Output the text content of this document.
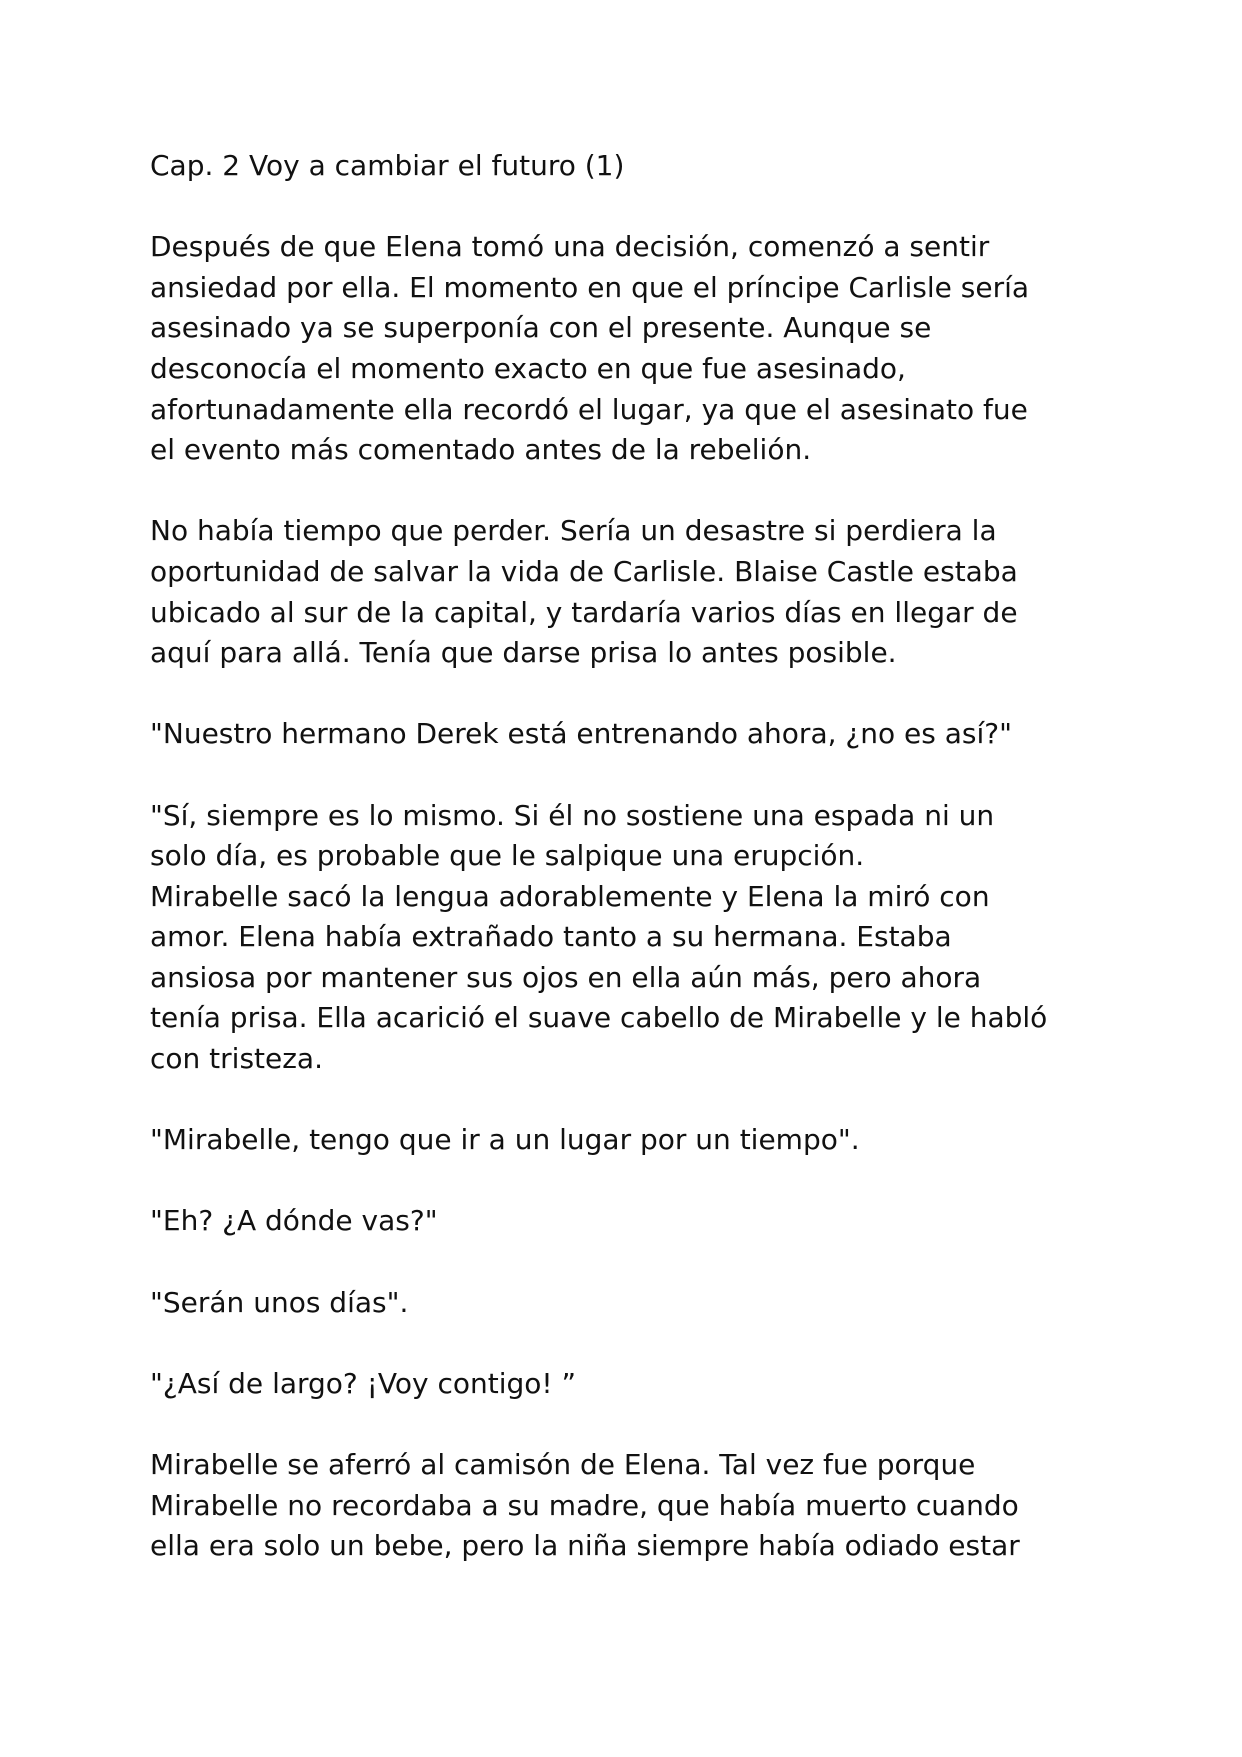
Cap. 2 Voy a cambiar el futuro (1)
Después de que Elena tomó una decisión, comenzó a sentir
ansiedad por ella. El momento en que el príncipe Carlisle sería
asesinado ya se superponía con el presente. Aunque se
desconocía el momento exacto en que fue asesinado,
afortunadamente ella recordó el lugar, ya que el asesinato fue
el evento más comentado antes de la rebelión.
No había tiempo que perder. Sería un desastre si perdiera la
oportunidad de salvar la vida de Carlisle. Blaise Castle estaba
ubicado al sur de la capital, y tardaría varios días en llegar de
aquí para allá. Tenía que darse prisa lo antes posible.
"Nuestro hermano Derek está entrenando ahora, ¿no es así?"
"Sí, siempre es lo mismo. Si él no sostiene una espada ni un
solo día, es probable que le salpique una erupción.
Mirabelle sacó la lengua adorablemente y Elena la miró con
amor. Elena había extrañado tanto a su hermana. Estaba
ansiosa por mantener sus ojos en ella aún más, pero ahora
tenía prisa. Ella acarició el suave cabello de Mirabelle y le habló
con tristeza.
"Mirabelle, tengo que ir a un lugar por un tiempo".
"Eh? ¿A dónde vas?"
"Serán unos días".
"¿Así de largo? ¡Voy contigo! ”
Mirabelle se aferró al camisón de Elena. Tal vez fue porque
Mirabelle no recordaba a su madre, que había muerto cuando
ella era solo un bebe, pero la niña siempre había odiado estar
